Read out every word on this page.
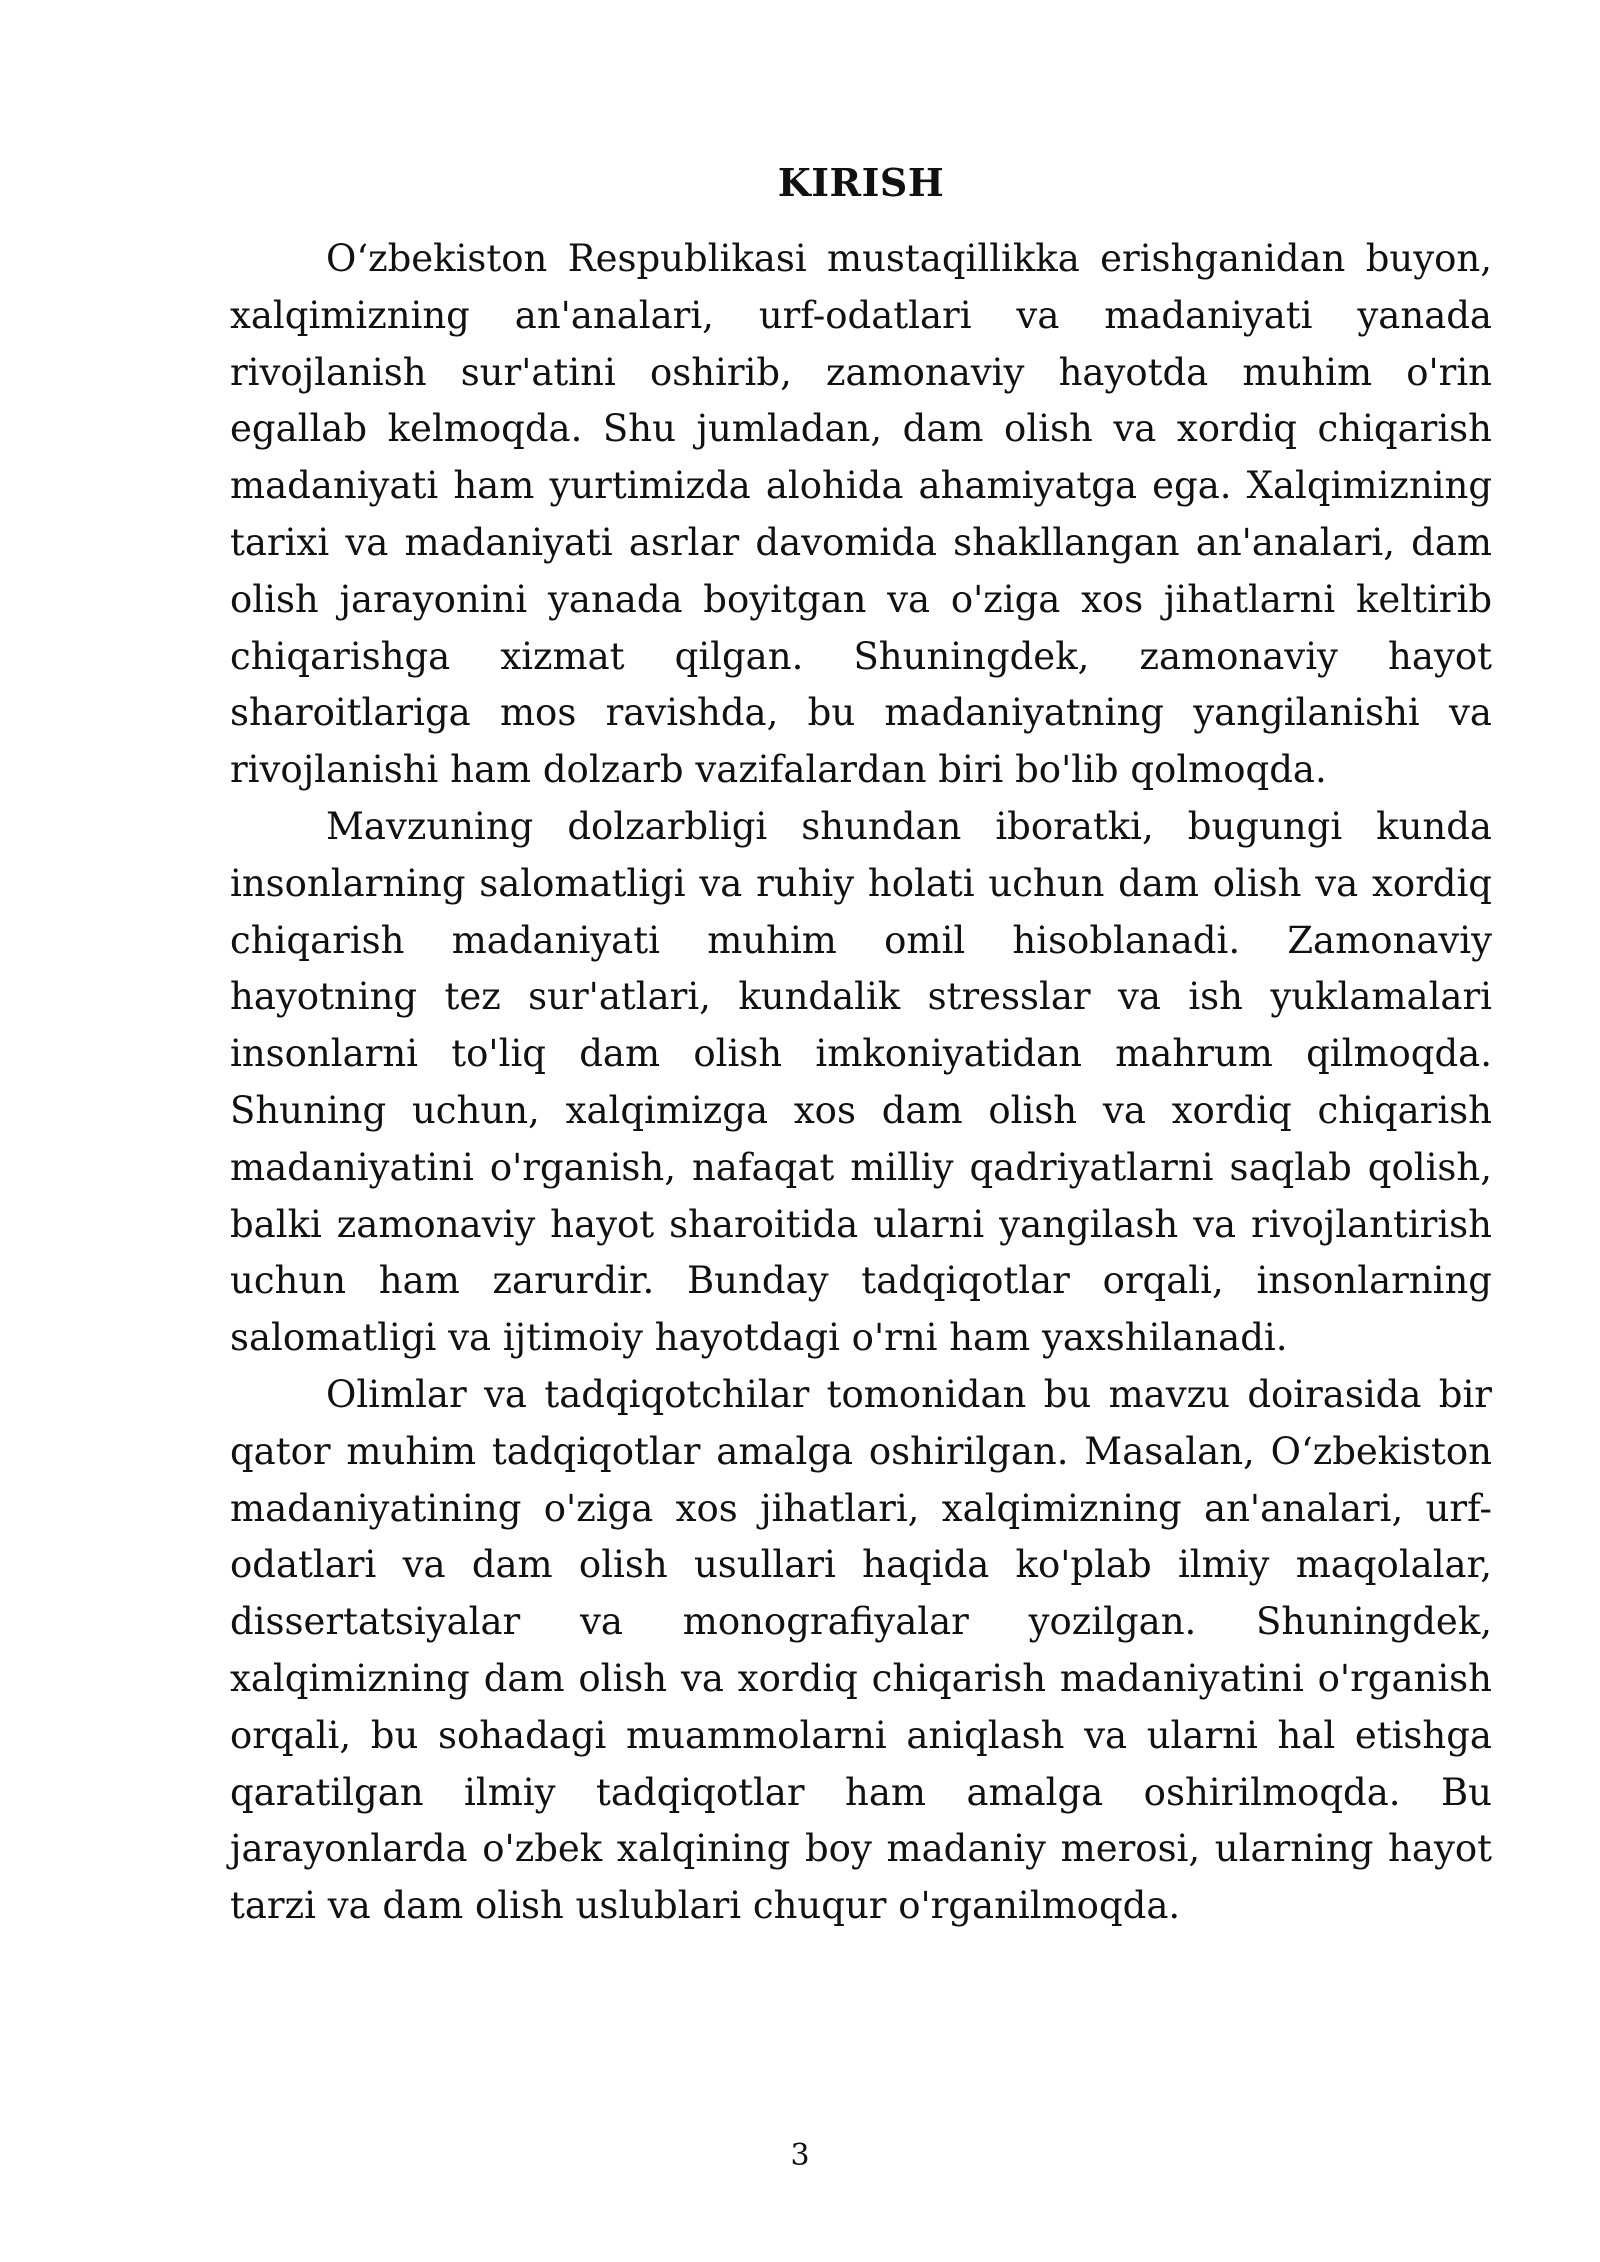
KIRISH

O‘zbekiston Respublikasi mustaqillikka erishganidan buyon, xalqimizning an'analari, urf-odatlari va madaniyati yanada rivojlanish sur'atini oshirib, zamonaviy hayotda muhim o'rin egallab kelmoqda. Shu jumladan, dam olish va xordiq chiqarish madaniyati ham yurtimizda alohida ahamiyatga ega. Xalqimizning tarixi va madaniyati asrlar davomida shakllangan an'analari, dam olish jarayonini yanada boyitgan va o'ziga xos jihatlarni keltirib chiqarishga xizmat qilgan. Shuningdek, zamonaviy hayot sharoitlariga mos ravishda, bu madaniyatning yangilanishi va rivojlanishi ham dolzarb vazifalardan biri bo'lib qolmoqda.

Mavzuning dolzarbligi shundan iboratki, bugungi kunda insonlarning salomatligi va ruhiy holati uchun dam olish va xordiq chiqarish madaniyati muhim omil hisoblanadi. Zamonaviy hayotning tez sur'atlari, kundalik stresslar va ish yuklamalari insonlarni to'liq dam olish imkoniyatidan mahrum qilmoqda. Shuning uchun, xalqimizga xos dam olish va xordiq chiqarish madaniyatini o'rganish, nafaqat milliy qadriyatlarni saqlab qolish, balki zamonaviy hayot sharoitida ularni yangilash va rivojlantirish uchun ham zarurdir. Bunday tadqiqotlar orqali, insonlarning salomatligi va ijtimoiy hayotdagi o'rni ham yaxshilanadi.

Olimlar va tadqiqotchilar tomonidan bu mavzu doirasida bir qator muhim tadqiqotlar amalga oshirilgan. Masalan, O‘zbekiston madaniyatining o'ziga xos jihatlari, xalqimizning an'analari, urf-odatlari va dam olish usullari haqida ko'plab ilmiy maqolalar, dissertatsiyalar va monografiyalar yozilgan. Shuningdek, xalqimizning dam olish va xordiq chiqarish madaniyatini o'rganish orqali, bu sohadagi muammolarni aniqlash va ularni hal etishga qaratilgan ilmiy tadqiqotlar ham amalga oshirilmoqda. Bu jarayonlarda o'zbek xalqining boy madaniy merosi, ularning hayot tarzi va dam olish uslublari chuqur o'rganilmoqda.

3
